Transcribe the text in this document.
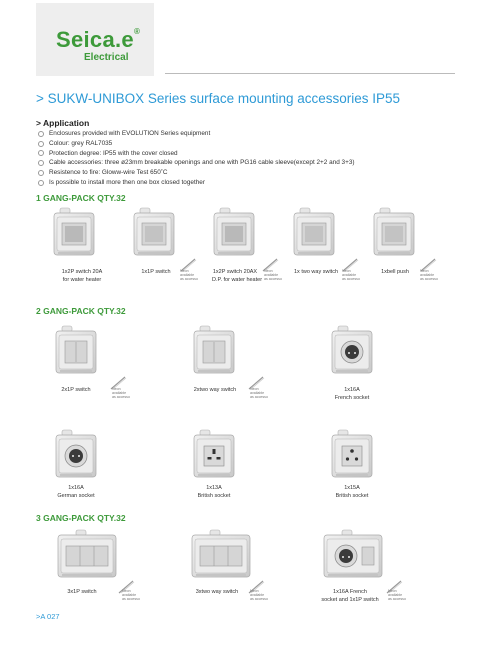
Seica.e®
Electrical
> SUKW-UNIBOX Series surface mounting accessories IP55
> Application
Enclosures provided with EVOLUTION Series equipment
Colour: grey RAL7035
Protection degree: IP55 with the cover closed
Cable accessories: three ø23mm breakable openings and one with PG16 cable sleeve(except 2+2 and 3+3)
Resistence to fire: Gloww-wire Test 650˚C
Is possible to install more then one box closed together
1 GANG-PACK QTY.32
1x2P switch 20A
for water heater
1x1P switch	Neon
available
as accesso
1x2P switch 20AX
D.P. for water heater
Neon
available
as accesso
1x two way switch Neon
available
as accesso
1xbell push	Neon
available
as accesso
2 GANG-PACK QTY.32
2x1P switch	Neon
available
as accesso
2xtwo way switch	Neon
available
as accesso
1x16A
French socket
1x16A
German socket
1x13A
British socket
1x15A
British socket
3 GANG-PACK QTY.32
3x1P switch	Neon
available
as accesso
3xtwo way switch	Neon
available
as accesso
1x16A French
socket and 1x1P switch
Neon
available
as accesso
>A 027
